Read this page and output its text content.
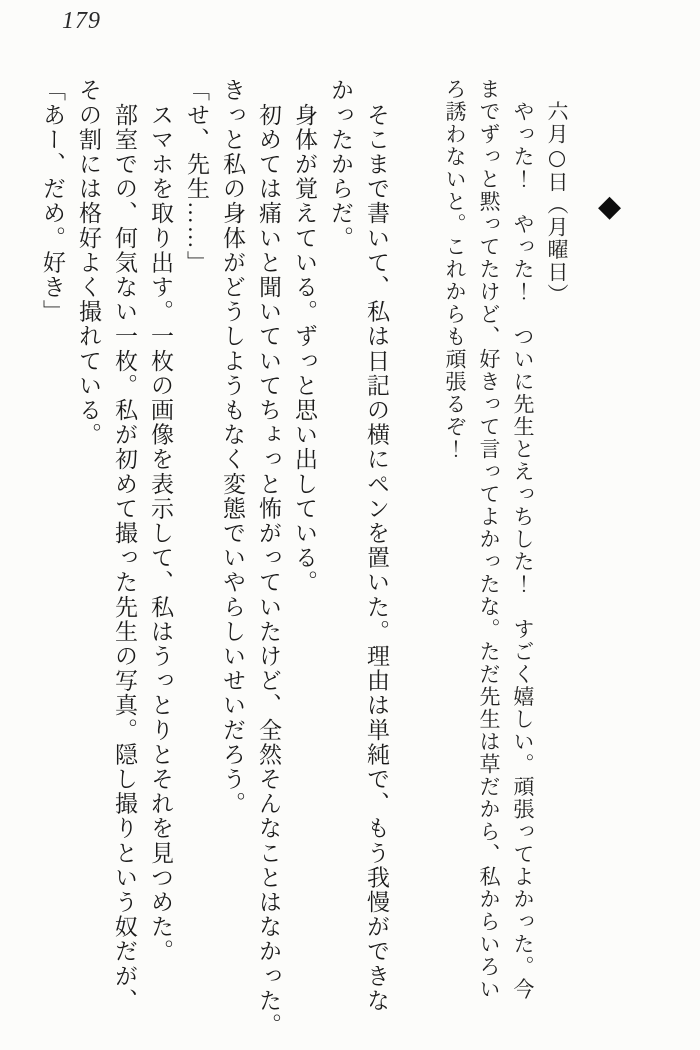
179
◆
　六月○日（月曜日）
　やった！　やった！　ついに先生とえっちした！　すごく嬉しい。頑張ってよかった。今
までずっと黙ってたけど、好きって言ってよかったな。ただ先生は草だから、私からいろい
ろ誘わないと。これからも頑張るぞ！
　そこまで書いて、私は日記の横にペンを置いた。理由は単純で、もう我慢ができな
かったからだ。
　身体が覚えている。ずっと思い出している。
　初めては痛いと聞いていてちょっと怖がっていたけど、全然そんなことはなかった。
きっと私の身体がどうしようもなく変態でいやらしいせいだろう。
「せ、先生……」
　スマホを取り出す。一枚の画像を表示して、私はうっとりとそれを見つめた。
　部室での、何気ない一枚。私が初めて撮った先生の写真。隠し撮りという奴だが、
その割には格好よく撮れている。
「あー、だめ。好き」
